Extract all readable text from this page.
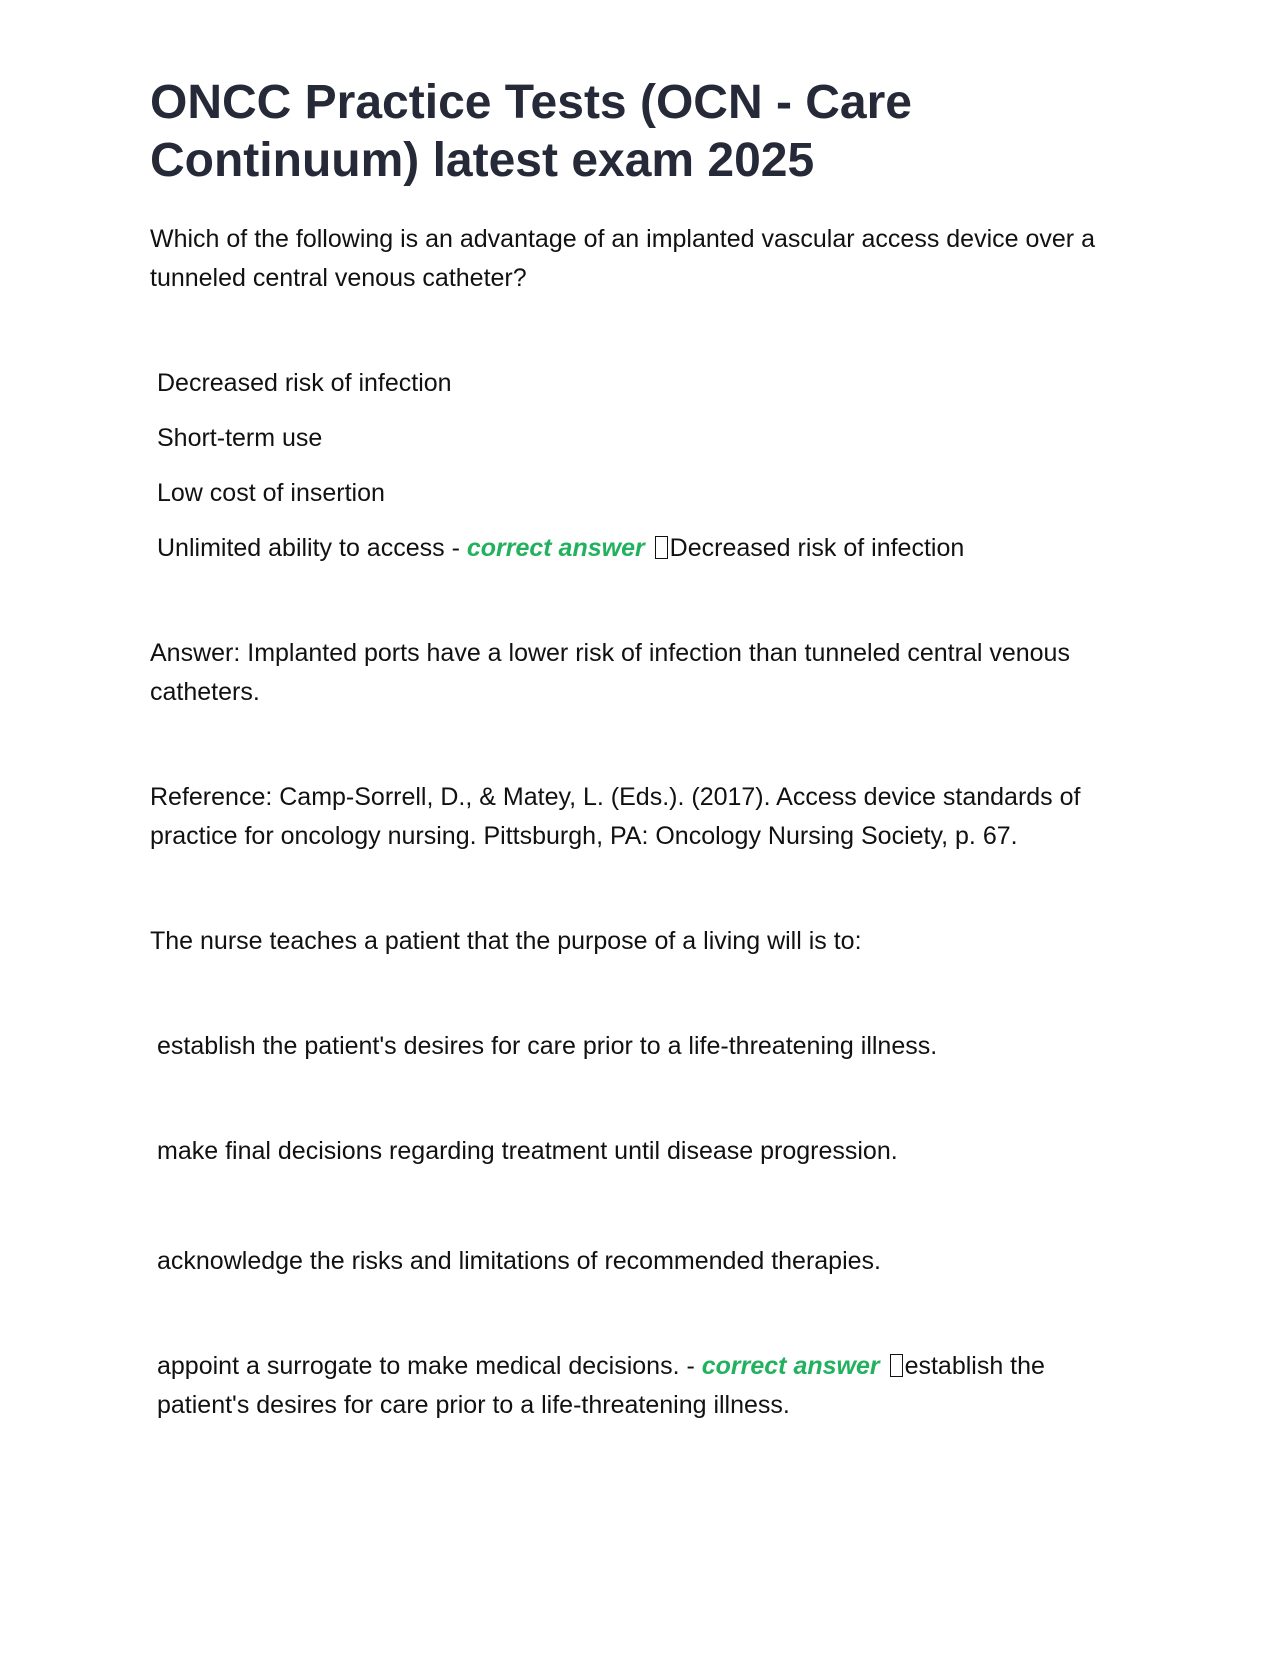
ONCC Practice Tests (OCN - Care Continuum) latest exam 2025

Which of the following is an advantage of an implanted vascular access device over a tunneled central venous catheter?

Decreased risk of infection

Short-term use

Low cost of insertion

Unlimited ability to access - correct answer Decreased risk of infection

Answer: Implanted ports have a lower risk of infection than tunneled central venous catheters.

Reference: Camp-Sorrell, D., & Matey, L. (Eds.). (2017). Access device standards of practice for oncology nursing. Pittsburgh, PA: Oncology Nursing Society, p. 67.

The nurse teaches a patient that the purpose of a living will is to:

establish the patient's desires for care prior to a life-threatening illness.

make final decisions regarding treatment until disease progression.

acknowledge the risks and limitations of recommended therapies.

appoint a surrogate to make medical decisions. - correct answer establish the patient's desires for care prior to a life-threatening illness.
